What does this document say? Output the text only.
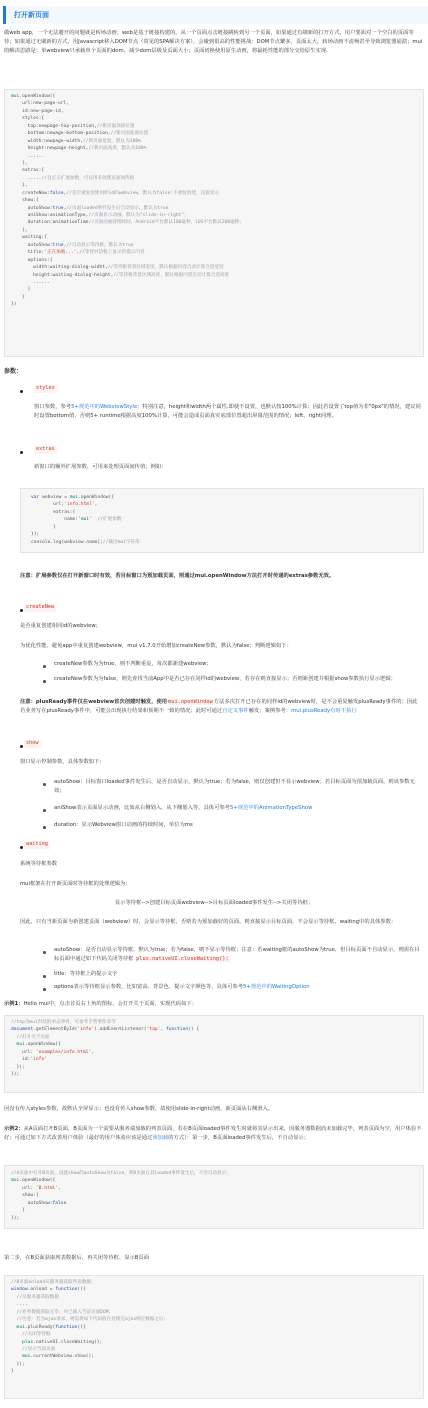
打开新页面
做web app，一个无法避开的问题就是转场动画；web是基于链接构建的，从一个页面点击链接跳转到另一个页面，如果通过有刷新的打开方式，用户要面对一个空白的页面等待；如果通过无刷新的方式，用Javascript移入DOM节点（常见的SPA解决方案），会碰到很高的性能挑战：DOM节点繁多，页面太大，转场动画不流畅甚至导致浏览器崩溃；mui的解决思路是：单webview只承载单个页面的dom，减少dom层级及页面大小；页面切换使用原生动画，将最耗性能的部分交给原生实现.
mui.openWindow({
url:new-page-url,
id:new-page-id,
styles:{
top:newpage-top-position,//新页面顶部位置
bottom:newage-bottom-position,//新页面底部位置
width:newpage-width,//新页面宽度，默认为100%
height:newpage-height,//新页面高度，默认为100%
......
},
extras:{
.....//自定义扩展参数，可以用来处理页面间传值
},
createNew:false,//是否重复创建同样id的webview，默认为false:不重复创建，直接显示
show:{
autoShow:true,//页面loaded事件发生后自动显示，默认为true
aniShow:animationType,//页面显示动画，默认为"slide-in-right"；
duration:animationTime//页面动画持续时间，Android平台默认100毫秒，iOS平台默认200毫秒；
},
waiting:{
autoShow:true,//自动显示等待框，默认为true
title:'正在加载...',//等待对话框上显示的提示内容
options:{
width:waiting-dialog-widht,//等待框背景区域宽度，默认根据内容自动计算合适宽度
height:waiting-dialog-height,//等待框背景区域高度，默认根据内容自动计算合适高度
......
}
}
})
参数：
styles
窗口参数，参考5+规范中的WebviewStyle；特别注意，height和width两个属性,即使不设置，也默认按100%计算；因此若设置了top值为非"0px"的情况，建议同时设置bottom值，否则5+ runtime根据高度100%计算，可能会造成页面真实底部位置超出屏幕范围的情况；left、right同理。
extras
新窗口的额外扩展参数，可用来处理页面间传值；例如：
var webview = mui.openWindow({
url:'info.html',
extras:{
name:'mui' //扩展参数
}
});
console.log(webview.name);//输出mui字符串
注意：扩展参数仅在打开新窗口时有效，若目标窗口为预加载页面，则通过mui.openWindow方法打开时传递的extras参数无效。
createNew
是否重复创建相同id的webview；
为优化性能、避免app中重复创建webview，mui v1.7.0开始增加createNew参数，默认为false；判断逻辑如下：
createNew参数为为true，则不判断重复，每次都新建webview；
createNew参数为为false，则先查找当前App中是否已存在同样id的webview，若存在则直接显示；否则新创建并根据show参数执行显示逻辑；
注意：plusReady事件仅在webview首次创建时触发，使用mui.openWindow方法多次打开已存在的同样id的webview时，是不会重复触发plusReady事件的；因此若业务写在plusReady事件中，可能会出现执行结果和预期不一致的情况；此时可通过自定义事件触发；案例参考：mui.plusReady有时不执行
show
窗口显示控制参数，具体参数如下：
autoShow：目标窗口loaded事件发生后，是否自动显示，默认为true；若为false，则仅创建但不显示webview；若目标页面为预加载页面，则该参数无效；
aniShow表示页面显示动画，比如从右侧划入、从下侧划入等，具体可参考5+规范中的AnimationTypeShow
duration：显示Webview窗口动画的持续时间，单位为ms
waiting
系统等待框参数
mui框架在打开新页面时等待框的处理逻辑为：
显示等待框-->创建目标页面webview-->目标页面loaded事件发生-->关闭等待框；
因此，只有当新页面为新创建页面（webview）时，会显示等待框，否则若为预加载好的页面，则直接显示目标页面，不会显示等待框。waiting中的具体参数：
autoShow：是否自动显示等待框，默认为true；若为false，则不显示等待框；注意：若waiting框的autoShow为true，但目标页面不自动显示，则需在目标页面中通过如下代码关闭等待框 plus.nativeUI.closeWaiting();
title：等待框上的提示文字
options表示等待框显示参数，比如宽高、背景色、提示文字颜色等，具体可参考5+规范中的WaitingOption
示例1：Hello mui中，点击首页右上角的图标，会打开关于页面，实现代码如下：
//tap为mui封装的单击事件，可参考手势事件章节
document.getElementById('info').addEventListener('tap', function() {
//打开关于页面
mui.openWindow({
url: 'examples/info.html',
id:'info'
});
});
因没有传入styles参数，故默认全屏显示；也没有传入show参数，故使用slide-in-right动画，新页面从右侧滑入。
示例2：从A页面打开B页面，B页面为一个需要从服务端加载的列表页面，若在B页面loaded事件发生时就将其显示出来，因服务器数据尚未加载完毕，列表页面为空，用户体验不好；可通过如下方式改善用户体验（最好的用户体验应该是通过预加载的方式）：第一步，B页面loaded事件发生后，不自动显示；
//A页面中打开B页面，设置show的autoShow为false，则B页面在其loaded事件发生后，不会自动显示；
mui.openWindow({
url: 'B.html',
show:{
autoShow:false
}
});
第二步，在B页面获取列表数据后，再关闭等待框、显示B页面
//B页面onload从服务器获取列表数据；
window.onload = function(){
//从服务器获取数据
....
//业务数据获取完毕，并已插入当前页面DOM；
//注意：若为ajax请求，则需将如下代码放在处理完ajax响应数据之后；
mui.plusReady(function(){
//关闭等待框
plus.nativeUI.closeWaiting();
//显示当前页面
mui.currentWebview.show();
});
}
